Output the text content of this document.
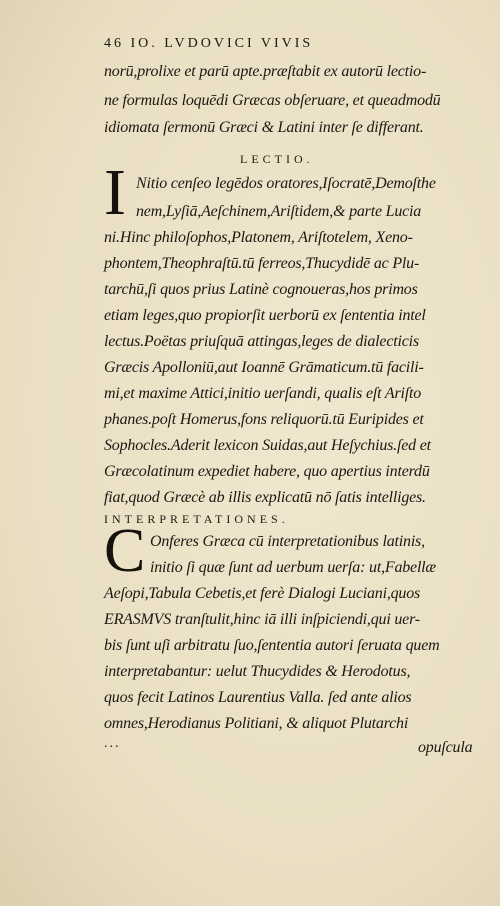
46 IO. LVDOVICI VIVIS
norū,prolixe et parū apte.præſtabit ex autorū lectio-
ne formulas loquēdi Græcas obſeruare, et queadmodū
idiomata ſermonū Græci & Latini inter ſe differant.
LECTIO.
I Nitio cenſeo legēdos oratores,Iſocratē,Demoſthe
nem,Lyſiā,Aeſchinem,Ariſtidem,& parte Lucia
ni.Hinc philoſophos,Platonem, Ariſtotelem, Xeno-
phontem,Theophraſtū.tū ferreos,Thucydidē ac Plu-
tarchū,ſi quos prius Latinè cognoueras,hos primos
etiam leges,quo propiorſit uerborū ex ſententia intel
lectus.Poëtas priuſquā attingas,leges de dialecticis
Græcis Apolloniū,aut Ioannē Grāmaticum.tū facili-
mi,et maxime Attici,initio uerſandi, qualis eſt Ariſto
phanes.poſt Homerus,fons reliquorū.tū Euripides et
Sophocles.Aderit lexicon Suidas,aut Heſychius.ſed et
Græcolatinum expediet habere, quo apertius interdū
fiat,quod Græcè ab illis explicatū nō ſatis intelliges.
INTERPRETATIONES.
C Onferes Græca cū interpretationibus latinis,
initio ſi quæ ſunt ad uerbum uerſa: ut,Fabellæ
Aeſopi,Tabula Cebetis,et ferè Dialogi Luciani,quos
ERASMVS tranſtulit,hinc iā illi inſpiciendi,qui uer-
bis ſunt uſi arbitratu ſuo,ſententia autori ſeruata quem
interpretabantur: uelut Thucydides & Herodotus,
quos fecit Latinos Laurentius Valla. ſed ante alios
omnes,Herodianus Politiani, & aliquot Plutarchi
...	opuſcula
